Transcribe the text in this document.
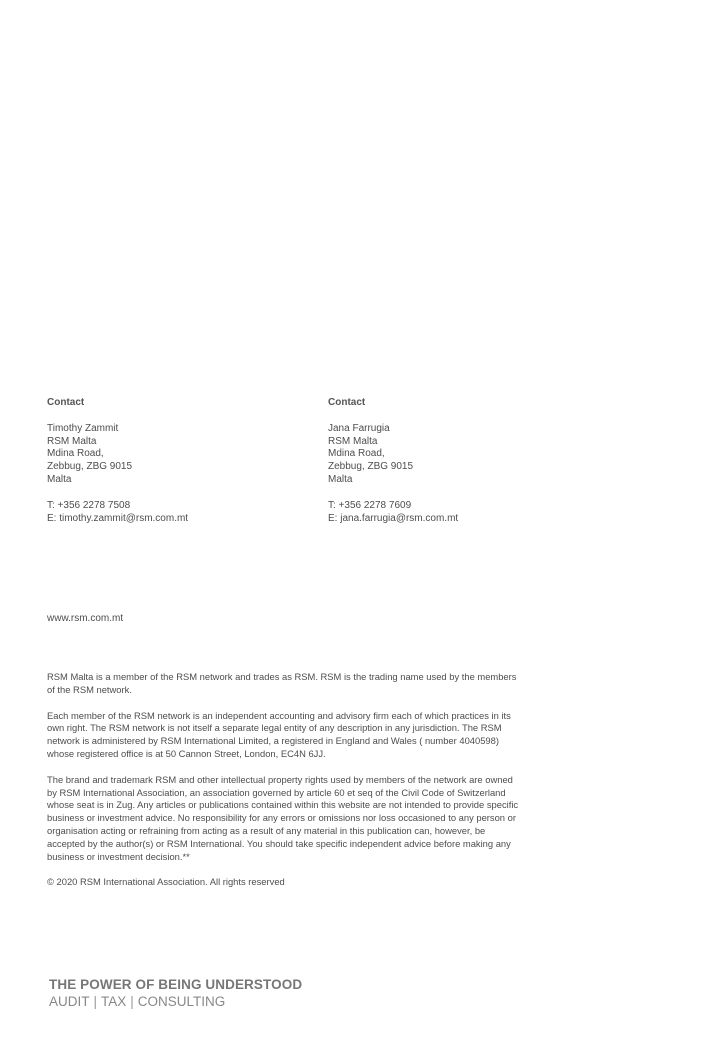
Contact
Timothy Zammit
RSM Malta
Mdina Road,
Zebbug, ZBG 9015
Malta
T: +356 2278 7508
E: timothy.zammit@rsm.com.mt
Contact
Jana Farrugia
RSM Malta
Mdina Road,
Zebbug, ZBG 9015
Malta
T: +356 2278 7609
E: jana.farrugia@rsm.com.mt
www.rsm.com.mt

RSM Malta is a member of the RSM network and trades as RSM. RSM is the trading name used by the members of the RSM network.

Each member of the RSM network is an independent accounting and advisory firm each of which practices in its own right. The RSM network is not itself a separate legal entity of any description in any jurisdiction. The RSM network is administered by RSM International Limited, a registered in England and Wales ( number 4040598) whose registered office is at 50 Cannon Street, London, EC4N 6JJ.

The brand and trademark RSM and other intellectual property rights used by members of the network are owned by RSM International Association, an association governed by article 60 et seq of the Civil Code of Switzerland whose seat is in Zug. Any articles or publications contained within this website are not intended to provide specific business or investment advice. No responsibility for any errors or omissions nor loss occasioned to any person or organisation acting or refraining from acting as a result of any material in this publication can, however, be accepted by the author(s) or RSM International. You should take specific independent advice before making any business or investment decision.**

© 2020 RSM International Association. All rights reserved
THE POWER OF BEING UNDERSTOOD
AUDIT | TAX | CONSULTING
